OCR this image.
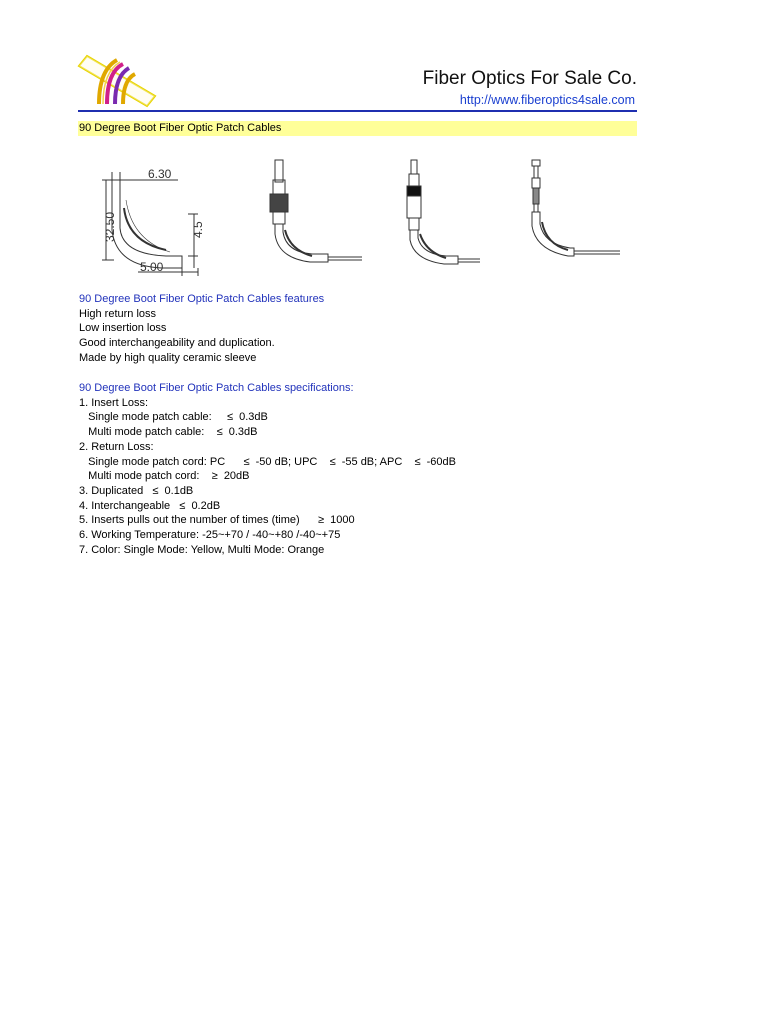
Fiber Optics For Sale Co.
http://www.fiberoptics4sale.com
90 Degree Boot Fiber Optic Patch Cables
6.30
32.50	4.5
5.00
90 Degree Boot Fiber Optic Patch Cables features
High return loss
Low insertion loss
Good interchangeability and duplication.
Made by high quality ceramic sleeve
90 Degree Boot Fiber Optic Patch Cables specifications:
1. Insert Loss:
Single mode patch cable:     ≤  0.3dB
Multi mode patch cable:    ≤  0.3dB
2. Return Loss:
Single mode patch cord: PC      ≤  -50 dB; UPC    ≤  -55 dB; APC    ≤  -60dB
Multi mode patch cord:    ≥  20dB
3. Duplicated   ≤  0.1dB
4. Interchangeable   ≤  0.2dB
5. Inserts pulls out the number of times (time)      ≥  1000
6. Working Temperature: -25~+70 / -40~+80 /-40~+75
7. Color: Single Mode: Yellow, Multi Mode: Orange
